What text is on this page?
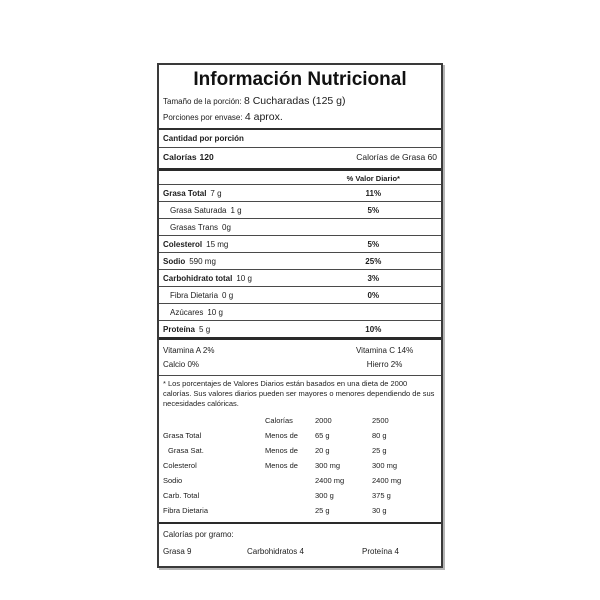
Información Nutricional
Tamaño de la porción: 8 Cucharadas (125 g)
Porciones por envase: 4 aprox.
Cantidad por porción
Calorías 120	Calorías de Grasa 60
% Valor Diario*
Grasa Total 7 g	11%
Grasa Saturada 1 g	5%
Grasas Trans 0g
Colesterol 15 mg	5%
Sodio 590 mg	25%
Carbohidrato total 10 g	3%
Fibra Dietaria 0 g	0%
Azúcares 10 g
Proteína 5 g	10%
Vitamina A 2%	Vitamina C 14%
Calcio 0%	Hierro 2%
* Los porcentajes de Valores Diarios están basados en una dieta de 2000 calorías. Sus valores diarios pueden ser mayores o menores dependiendo de sus necesidades calóricas.
Calorías	2000	2500
Grasa Total	Menos de 65 g	80 g
Grasa Sat.	Menos de 20 g	25 g
Colesterol	Menos de 300 mg	300 mg
Sodio	2400 mg	2400 mg
Carb. Total	300 g	375 g
Fibra Dietaria	25 g	30 g
Calorías por gramo:
Grasa 9	Carbohidratos 4	Proteína 4
